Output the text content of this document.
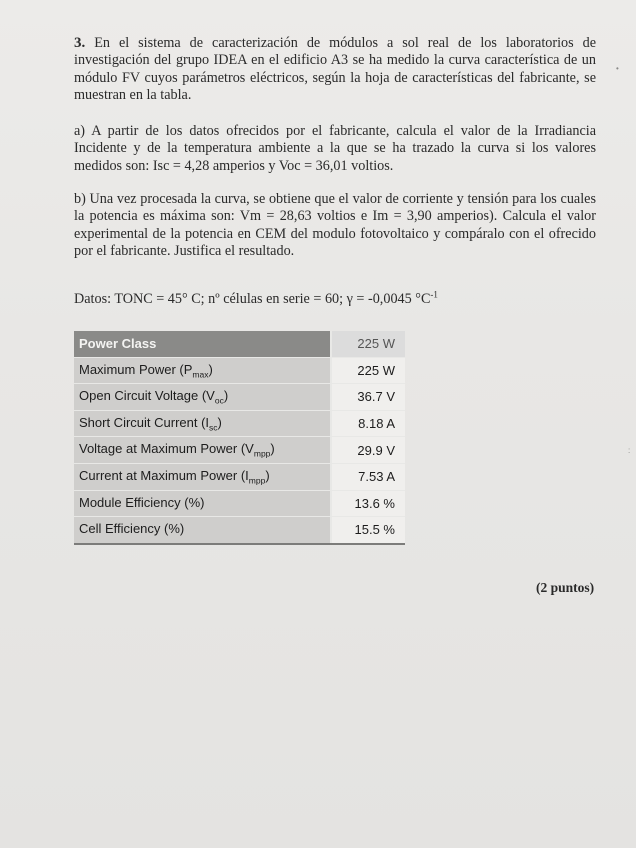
3. En el sistema de caracterización de módulos a sol real de los laboratorios de investigación del grupo IDEA en el edificio A3 se ha medido la curva característica de un módulo FV cuyos parámetros eléctricos, según la hoja de características del fabricante, se muestran en la tabla.

a) A partir de los datos ofrecidos por el fabricante, calcula el valor de la Irradiancia Incidente y de la temperatura ambiente a la que se ha trazado la curva si los valores medidos son: Isc = 4,28 amperios y Voc = 36,01 voltios.

b) Una vez procesada la curva, se obtiene que el valor de corriente y tensión para los cuales la potencia es máxima son: Vm = 28,63 voltios e Im = 3,90 amperios). Calcula el valor experimental de la potencia en CEM del modulo fotovoltaico y compáralo con el ofrecido por el fabricante. Justifica el resultado.

Datos: TONC = 45° C; nº células en serie = 60; γ = -0,0045 $^\circ C^{-1}$

Power Class	225 W
Maximum Power $(P_{max})$	225 W
Open Circuit Voltage $(V_{oc})$	36.7 V
Short Circuit Current $(I_{sc})$	8.18 A
Voltage at Maximum Power $(V_{mpp})$	29.9 V
Current at Maximum Power $(I_{mpp})$	7.53 A
Module Efficiency (%)	13.6 %
Cell Efficiency (%)	15.5 %

(2 puntos)

•
:
